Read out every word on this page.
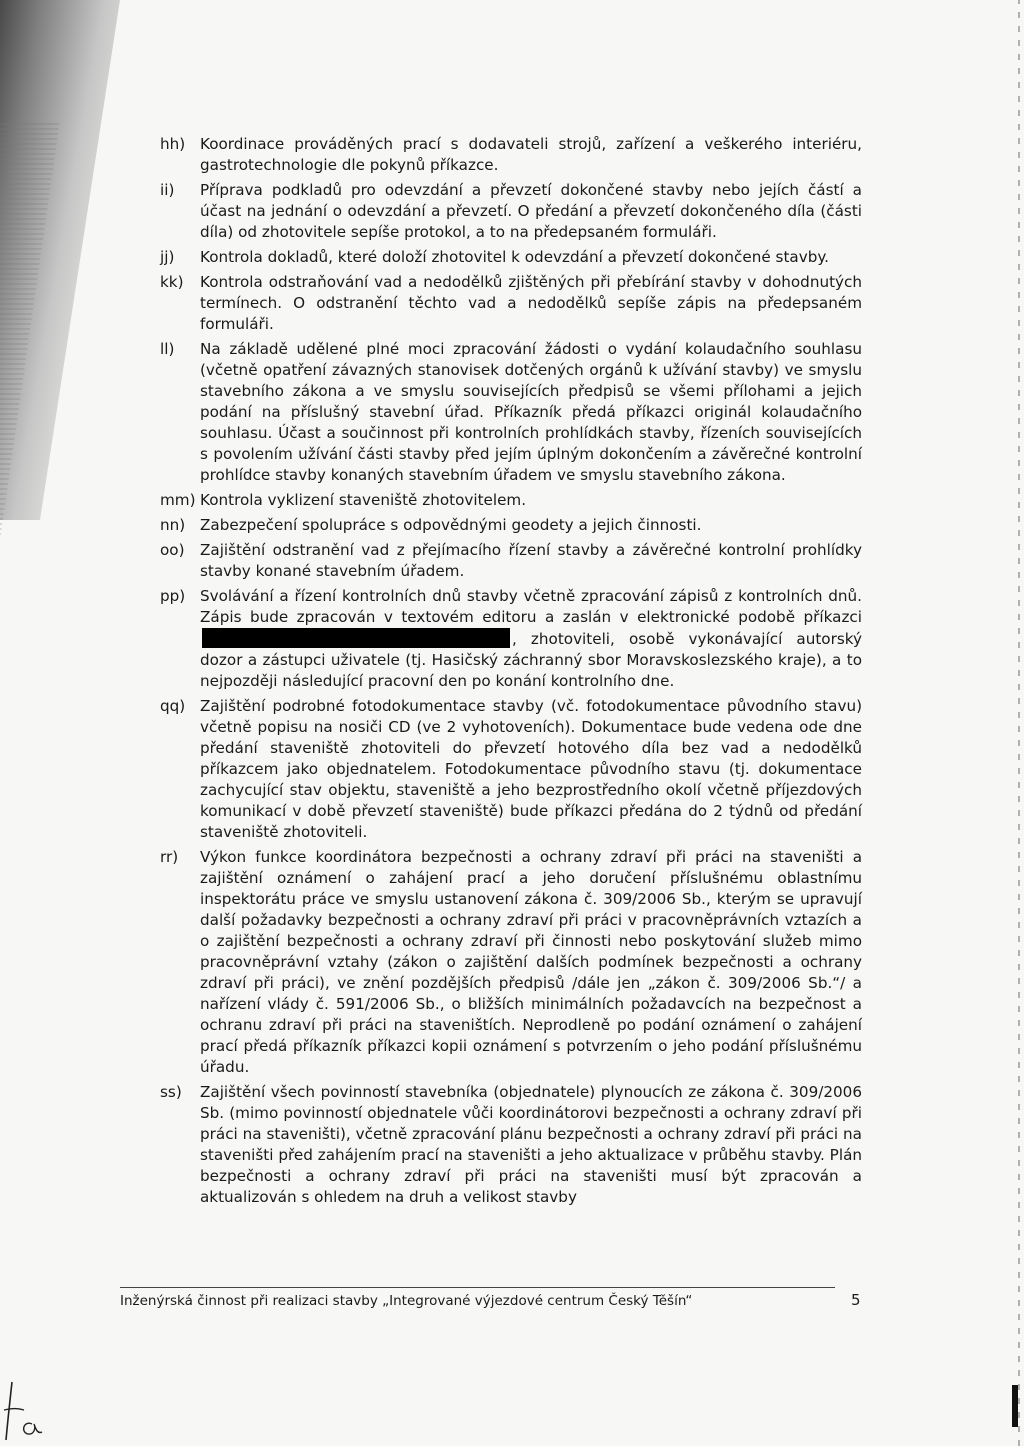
hh) Koordinace prováděných prací s dodavateli strojů, zařízení a veškerého interiéru, gastrotechnologie dle pokynů příkazce.
ii)	Příprava podkladů pro odevzdání a převzetí dokončené stavby nebo jejích částí a účast na jednání o odevzdání a převzetí. O předání a převzetí dokončeného díla (části díla) od zhotovitele sepíše protokol, a to na předepsaném formuláři.
jj)	Kontrola dokladů, které doloží zhotovitel k odevzdání a převzetí dokončené stavby.
kk)	Kontrola odstraňování vad a nedodělků zjištěných při přebírání stavby v dohodnutých termínech. O odstranění těchto vad a nedodělků sepíše zápis na předepsaném formuláři.
ll)	Na základě udělené plné moci zpracování žádosti o vydání kolaudačního souhlasu (včetně opatření závazných stanovisek dotčených orgánů k užívání stavby) ve smyslu stavebního zákona a ve smyslu souvisejících předpisů se všemi přílohami a jejich podání na příslušný stavební úřad. Příkazník předá příkazci originál kolaudačního souhlasu. Účast a součinnost při kontrolních prohlídkách stavby, řízeních souvisejících s povolením užívání části stavby před jejím úplným dokončením a závěrečné kontrolní prohlídce stavby konaných stavebním úřadem ve smyslu stavebního zákona.
mm) Kontrola vyklizení staveniště zhotovitelem.
nn) Zabezpečení spolupráce s odpovědnými geodety a jejich činnosti.
oo)	Zajištění odstranění vad z přejímacího řízení stavby a závěrečné kontrolní prohlídky stavby konané stavebním úřadem.
pp) Svolávání a řízení kontrolních dnů stavby včetně zpracování zápisů z kontrolních dnů. Zápis bude zpracován v textovém editoru a zaslán v elektronické podobě příkazci, zhotoviteli, osobě vykonávající autorský dozor a zástupci uživatele (tj. Hasičský záchranný sbor Moravskoslezského kraje), a to nejpozději následující pracovní den po konání kontrolního dne.
qq) Zajištění podrobné fotodokumentace stavby (vč. fotodokumentace původního stavu) včetně popisu na nosiči CD (ve 2 vyhotoveních). Dokumentace bude vedena ode dne předání staveniště zhotoviteli do převzetí hotového díla bez vad a nedodělků příkazcem jako objednatelem. Fotodokumentace původního stavu (tj. dokumentace zachycující stav objektu, staveniště a jeho bezprostředního okolí včetně příjezdových komunikací v době převzetí staveniště) bude příkazci předána do 2 týdnů od předání staveniště zhotoviteli.
rr)	Výkon funkce koordinátora bezpečnosti a ochrany zdraví při práci na staveništi a zajištění oznámení o zahájení prací a jeho doručení příslušnému oblastnímu inspektorátu práce ve smyslu ustanovení zákona č. 309/2006 Sb., kterým se upravují další požadavky bezpečnosti a ochrany zdraví při práci v pracovněprávních vztazích a o zajištění bezpečnosti a ochrany zdraví při činnosti nebo poskytování služeb mimo pracovněprávní vztahy (zákon o zajištění dalších podmínek bezpečnosti a ochrany zdraví při práci), ve znění pozdějších předpisů /dále jen „zákon č. 309/2006 Sb.“/ a nařízení vlády č. 591/2006 Sb., o bližších minimálních požadavcích na bezpečnost a ochranu zdraví při práci na staveništích. Neprodleně po podání oznámení o zahájení prací předá příkazník příkazci kopii oznámení s potvrzením o jeho podání příslušnému úřadu.
ss)	Zajištění všech povinností stavebníka (objednatele) plynoucích ze zákona č. 309/2006 Sb. (mimo povinností objednatele vůči koordinátorovi bezpečnosti a ochrany zdraví při práci na staveništi), včetně zpracování plánu bezpečnosti a ochrany zdraví při práci na staveništi před zahájením prací na staveništi a jeho aktualizace v průběhu stavby. Plán bezpečnosti a ochrany zdraví při práci na staveništi musí být zpracován a aktualizován s ohledem na druh a velikost stavby
Inženýrská činnost při realizaci stavby „Integrované výjezdové centrum Český Těšín“	5
